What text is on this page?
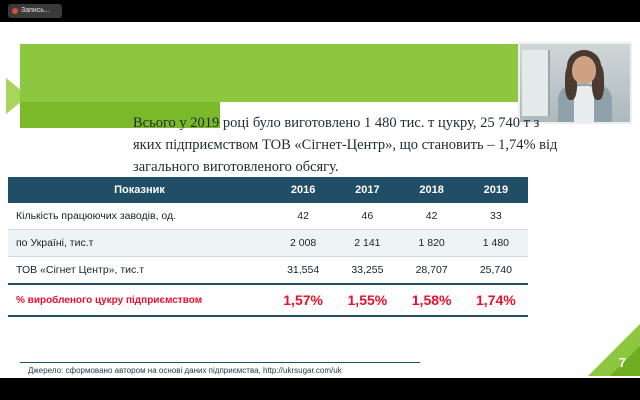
Запись...
Всього у 2019 році було виготовлено 1 480 тис. т цукру, 25 740 т з яких підприємством ТОВ «Сігнет-Центр», що становить – 1,74% від загального виготовленого обсягу.
Показник	2016	2017	2018	2019
Кількість працюючих заводів, од.	42	46	42	33
по Україні, тис.т	2 008	2 141	1 820	1 480
ТОВ «Сігнет Центр», тис.т	31,554	33,255	28,707	25,740
% виробленого цукру підприємством	1,57%	1,55%	1,58%	1,74%
Джерело: сформовано автором на основі даних підприємства, http://ukrsugar.com/uk
7
